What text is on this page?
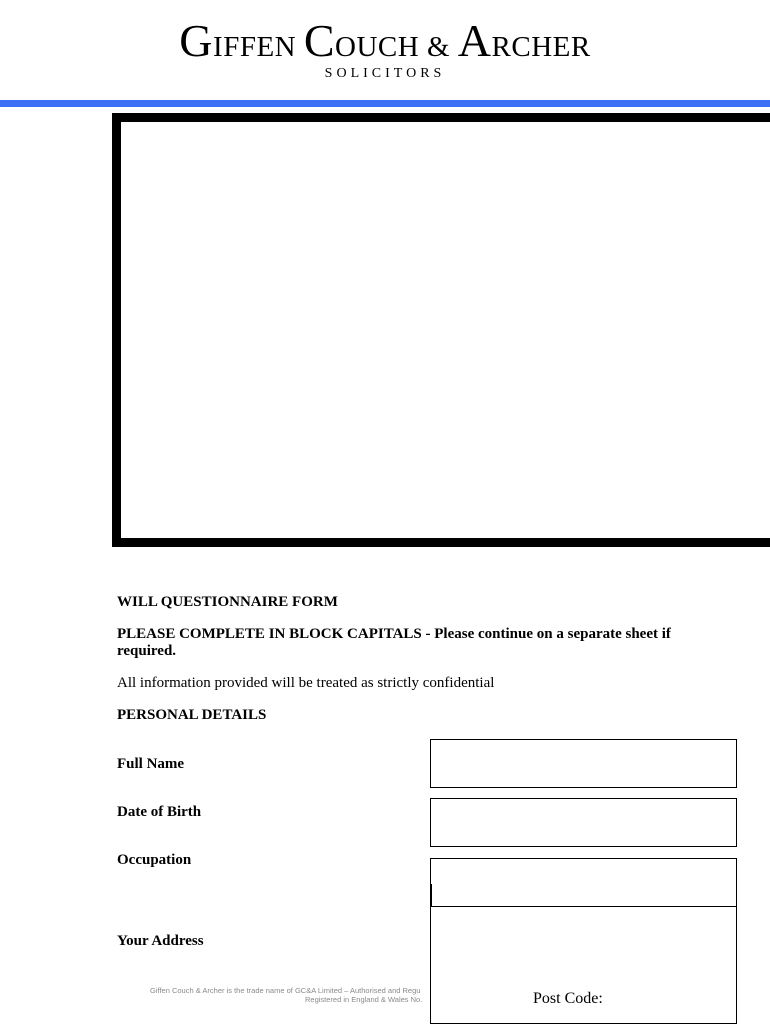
GIFFEN COUCH & ARCHER
SOLICITORS
WILL QUESTIONNAIRE FORM
PLEASE COMPLETE IN BLOCK CAPITALS - Please continue on a separate sheet if required.
All information provided will be treated as strictly confidential
PERSONAL DETAILS
Full Name
Date of Birth
Occupation
Your Address
Post Code:
Giffen Couch & Archer is the trade name of GC&A Limited – Authorised and Regu
Registered in England & Wales No.
